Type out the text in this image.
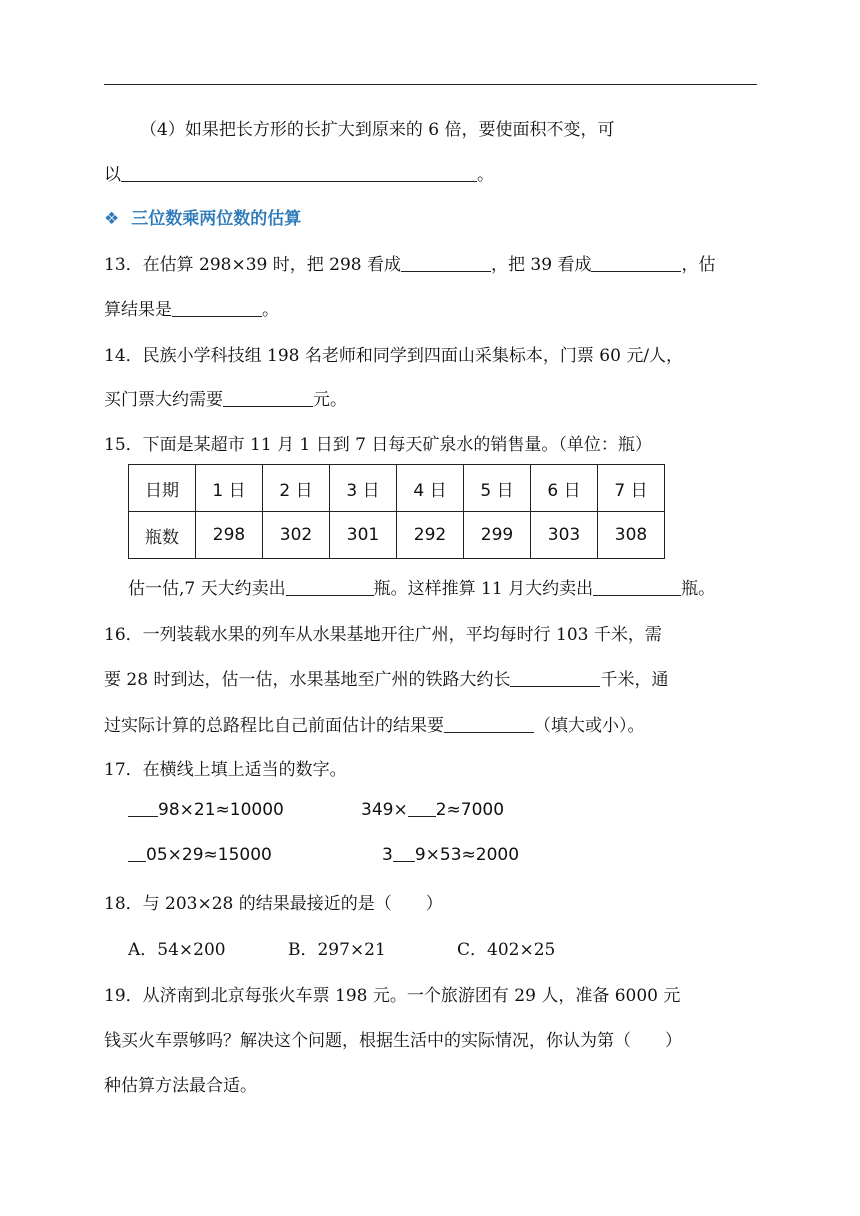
（4）如果把长方形的长扩大到原来的 6 倍，要使面积不变，可
以	。
❖ 三位数乘两位数的估算
13．在估算 298×39 时，把 298 看成	，把 39 看成	，估
算结果是	。
14．民族小学科技组 198 名老师和同学到四面山采集标本，门票 60 元/人，
买门票大约需要	元。
15．下面是某超市 11 月 1 日到 7 日每天矿泉水的销售量。（单位：瓶）
日期	1 日	2 日	3 日	4 日	5 日	6 日	7 日
瓶数	298	302	301	292	299	303	308
估一估,7 天大约卖出	瓶。这样推算 11 月大约卖出	瓶。
16．一列装载水果的列车从水果基地开往广州，平均每时行 103 千米，需
要 28 时到达，估一估，水果基地至广州的铁路大约长	千米，通
过实际计算的总路程比自己前面估计的结果要	（填大或小）。
17．在横线上填上适当的数字。
98×21≈10000	349× 2≈7000
05×29≈15000	3 9×53≈2000
18．与 203×28 的结果最接近的是（　　）
A．54×200	B．297×21	C．402×25
19．从济南到北京每张火车票 198 元。一个旅游团有 29 人，准备 6000 元
钱买火车票够吗？解决这个问题，根据生活中的实际情况，你认为第（　　）
种估算方法最合适。
